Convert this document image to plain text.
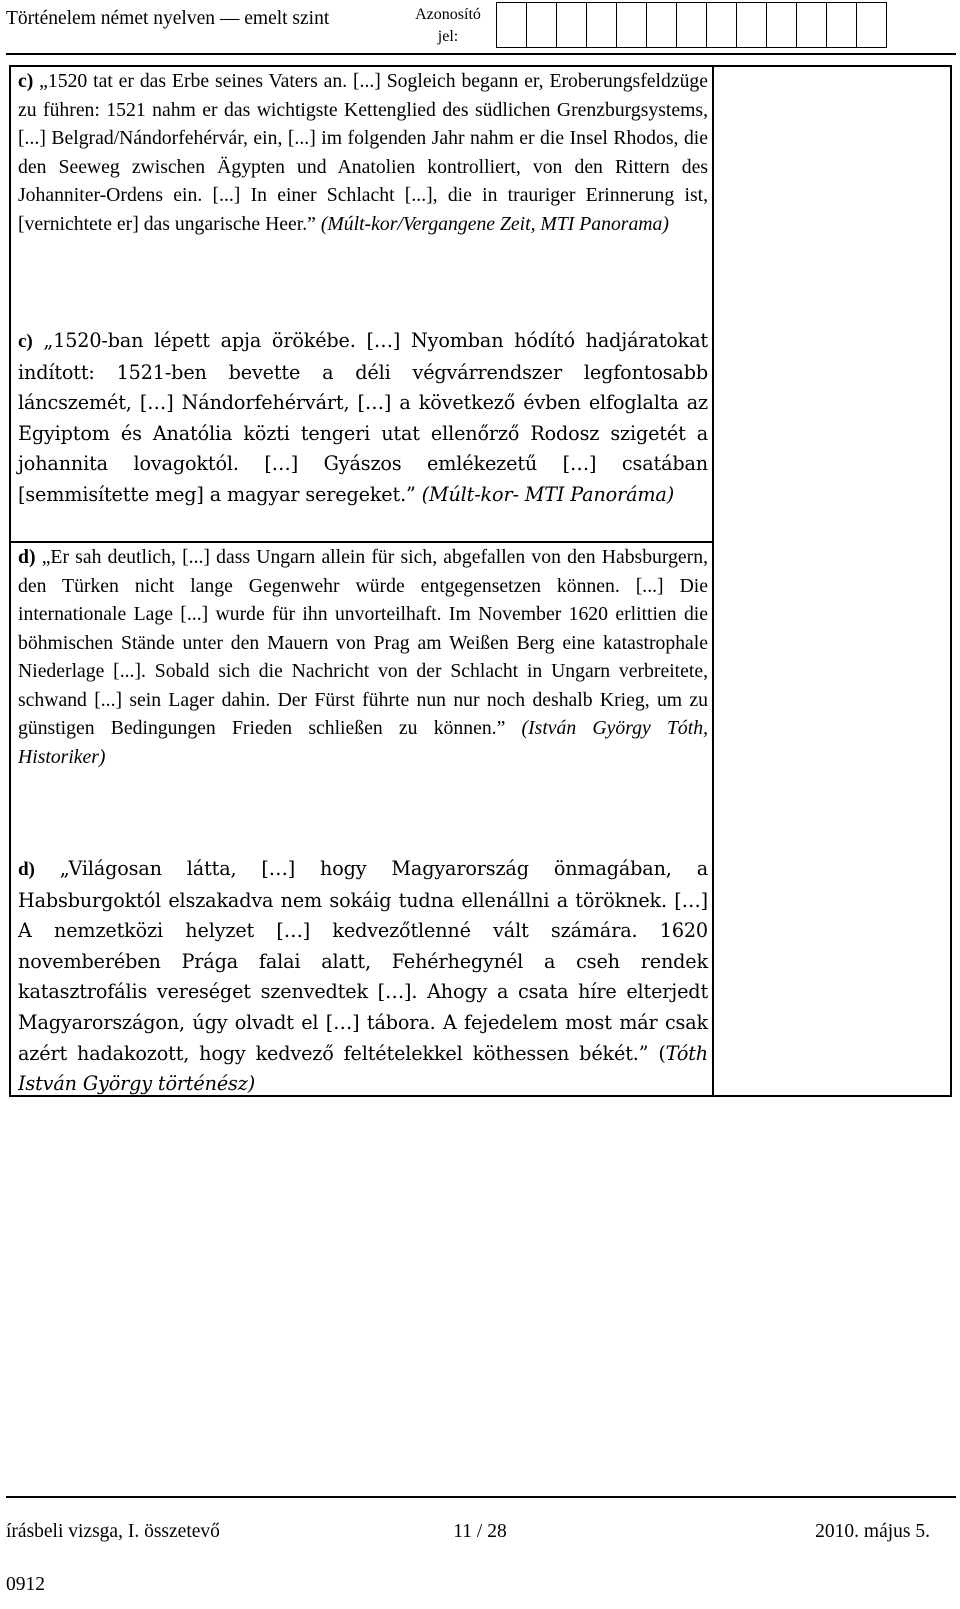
Történelem német nyelven — emelt szint	Azonosító
jel:

c) „1520 tat er das Erbe seines Vaters an. [...] Sogleich begann er, Eroberungsfeldzüge zu führen: 1521 nahm er das wichtigste Kettenglied des südlichen Grenzburgsystems, [...] Belgrad/Nándorfehérvár, ein, [...] im folgenden Jahr nahm er die Insel Rhodos, die den Seeweg zwischen Ägypten und Anatolien kontrolliert, von den Rittern des Johanniter-Ordens ein. [...] In einer Schlacht [...], die in trauriger Erinnerung ist, [vernichtete er] das ungarische Heer.” (Múlt-kor/Vergangene Zeit, MTI Panorama)

c) „1520-ban lépett apja örökébe. […] Nyomban hódító hadjáratokat indított: 1521-ben bevette a déli végvárrendszer legfontosabb láncszemét, […] Nándorfehérvárt, […] a következő évben elfoglalta az Egyiptom és Anatólia közti tengeri utat ellenőrző Rodosz szigetét a johannita lovagoktól. […] Gyászos emlékezetű […] csatában [semmisítette meg] a magyar seregeket.” (Múlt-kor- MTI Panoráma)

d) „Er sah deutlich, [...] dass Ungarn allein für sich, abgefallen von den Habsburgern, den Türken nicht lange Gegenwehr würde entgegensetzen können. [...] Die internationale Lage [...] wurde für ihn unvorteilhaft. Im November 1620 erlittien die böhmischen Stände unter den Mauern von Prag am Weißen Berg eine katastrophale Niederlage [...]. Sobald sich die Nachricht von der Schlacht in Ungarn verbreitete, schwand [...] sein Lager dahin. Der Fürst führte nun nur noch deshalb Krieg, um zu günstigen Bedingungen Frieden schließen zu können.” (István György Tóth, Historiker)

d) „Világosan látta, […] hogy Magyarország önmagában, a Habsburgoktól elszakadva nem sokáig tudna ellenállni a töröknek. […] A nemzetközi helyzet […] kedvezőtlenné vált számára. 1620 novemberében Prága falai alatt, Fehérhegynél a cseh rendek katasztrofális vereséget szenvedtek […]. Ahogy a csata híre elterjedt Magyarországon, úgy olvadt el […] tábora. A fejedelem most már csak azért hadakozott, hogy kedvező feltételekkel köthessen békét.” (Tóth István György történész)

írásbeli vizsga, I. összetevő	11 / 28	2010. május 5.
0912
